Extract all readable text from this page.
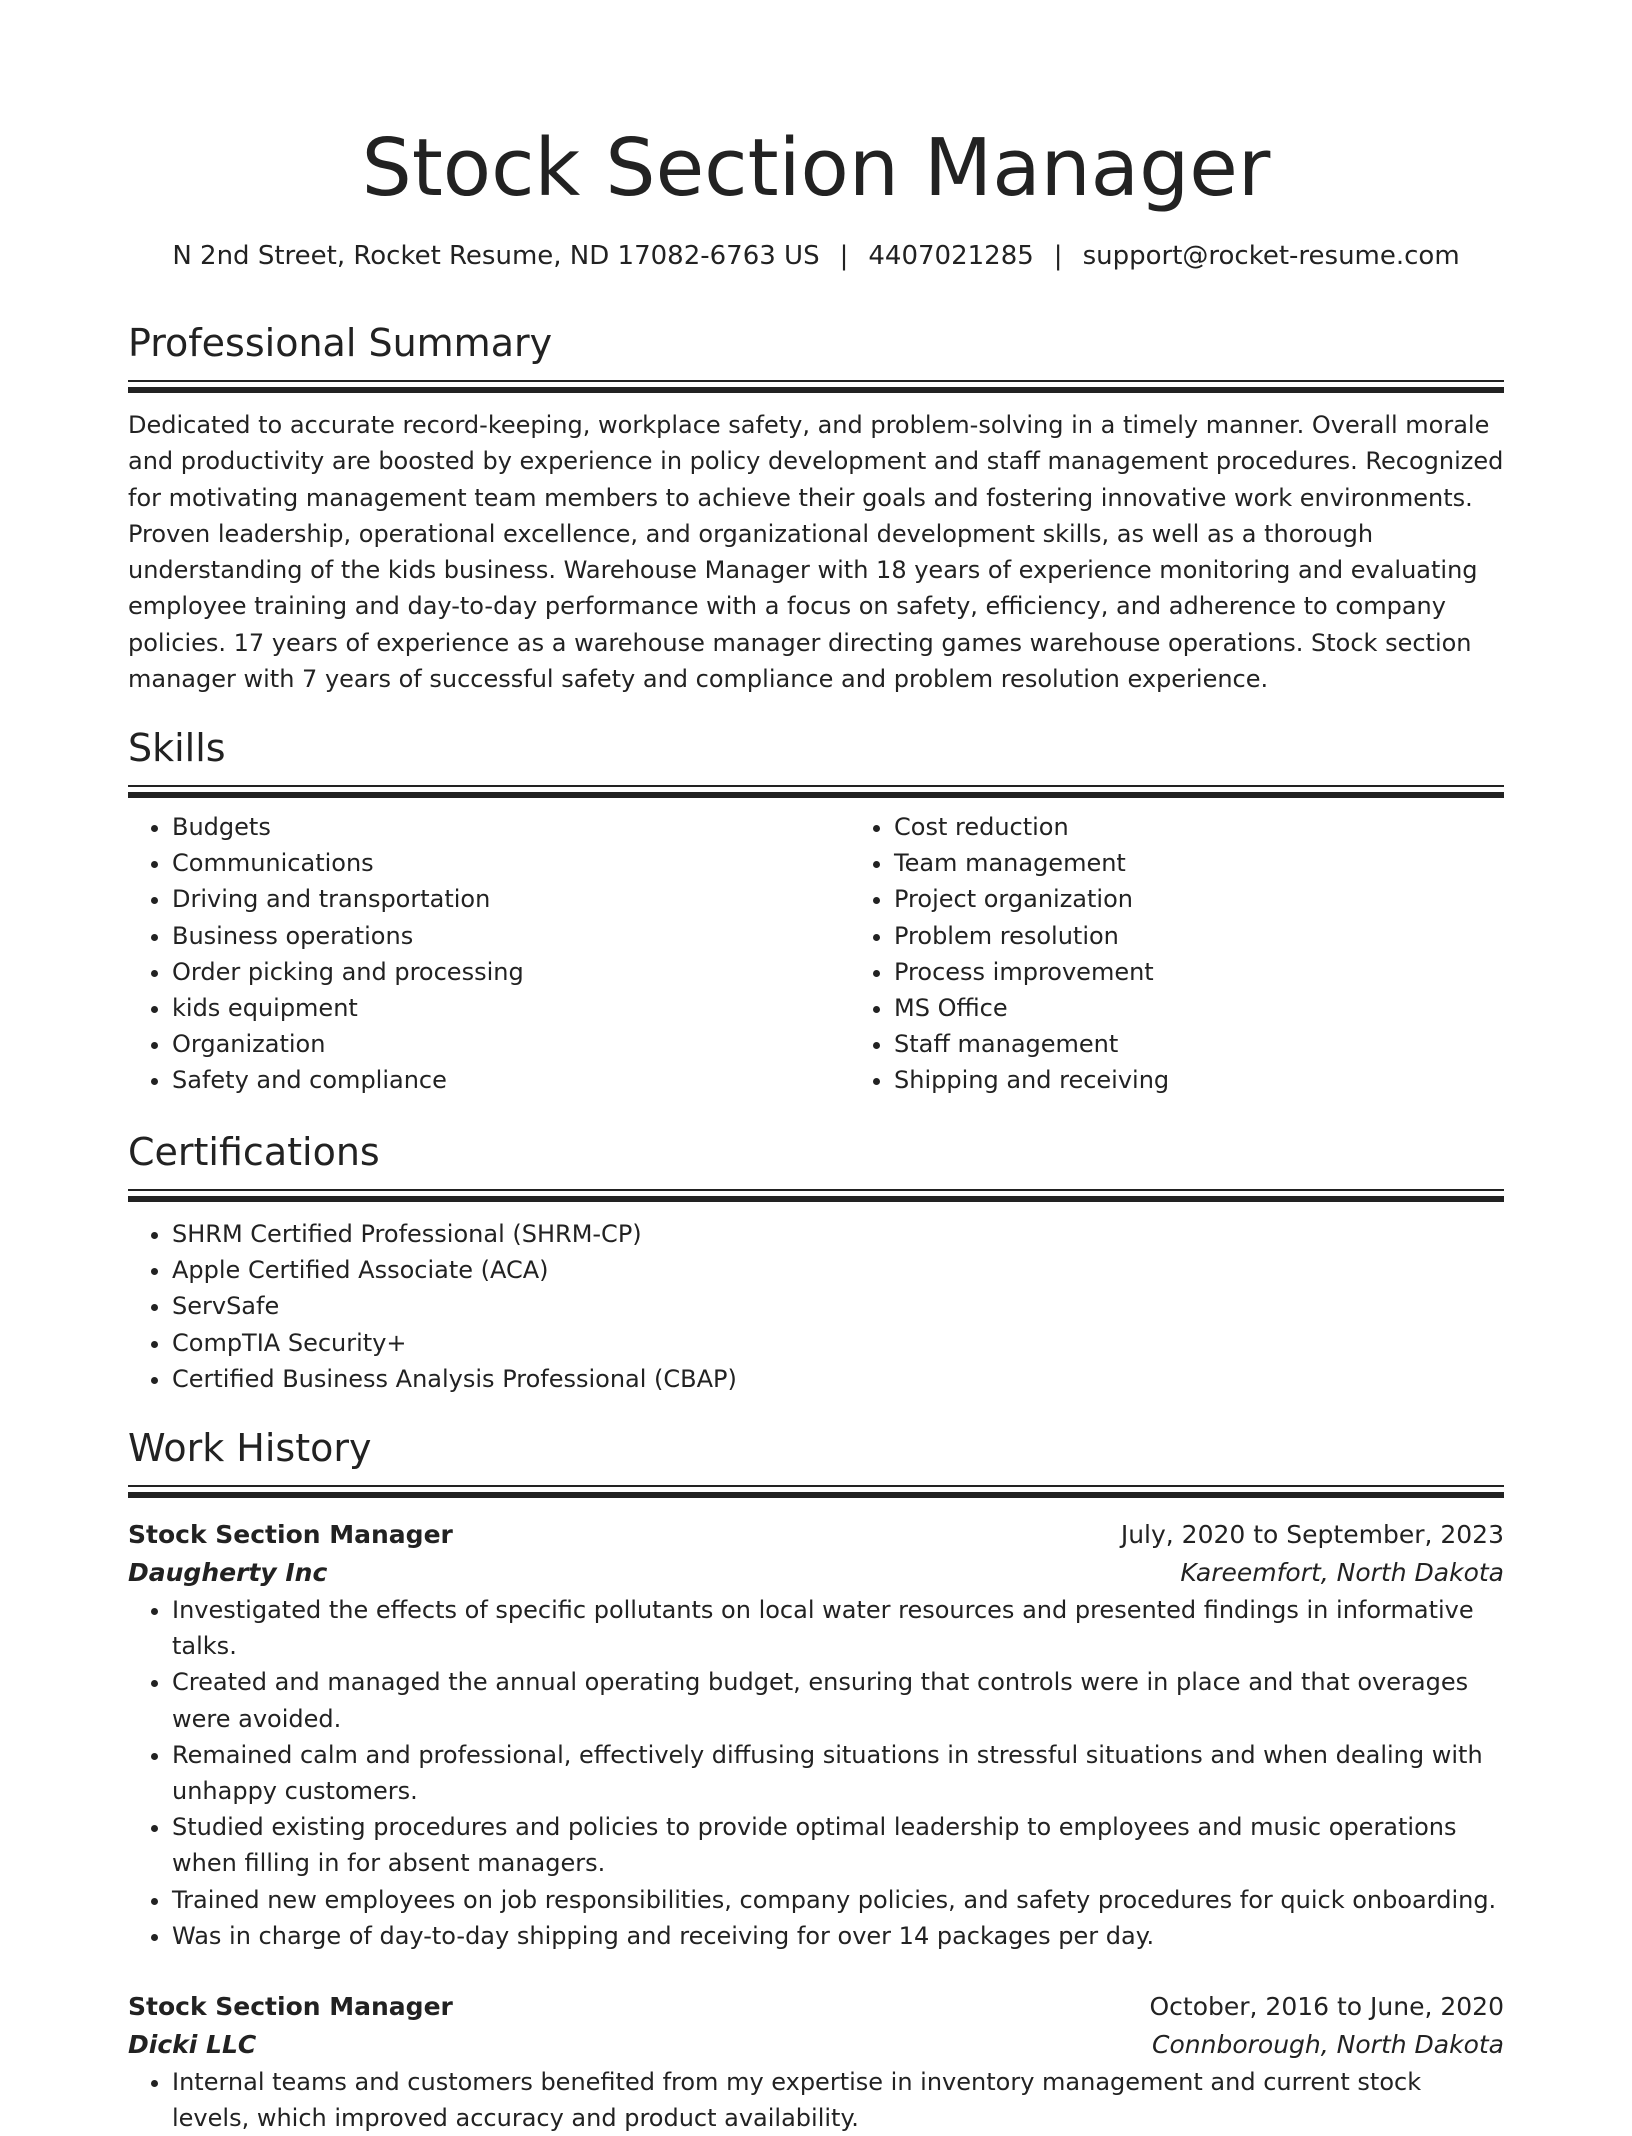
Stock Section Manager
N 2nd Street, Rocket Resume, ND 17082-6763 US | 4407021285 | support@rocket-resume.com
Professional Summary

Dedicated to accurate record-keeping, workplace safety, and problem-solving in a timely manner. Overall morale and productivity are boosted by experience in policy development and staff management procedures. Recognized for motivating management team members to achieve their goals and fostering innovative work environments. Proven leadership, operational excellence, and organizational development skills, as well as a thorough understanding of the kids business. Warehouse Manager with 18 years of experience monitoring and evaluating employee training and day-to-day performance with a focus on safety, efficiency, and adherence to company policies. 17 years of experience as a warehouse manager directing games warehouse operations. Stock section manager with 7 years of successful safety and compliance and problem resolution experience.

Skills
• Budgets
• Communications
• Driving and transportation
• Business operations
• Order picking and processing
• kids equipment
• Organization
• Safety and compliance
• Cost reduction
• Team management
• Project organization
• Problem resolution
• Process improvement
• MS Office
• Staff management
• Shipping and receiving
Certifications
• SHRM Certified Professional (SHRM-CP)
• Apple Certified Associate (ACA)
• ServSafe
• CompTIA Security+
• Certified Business Analysis Professional (CBAP)
Work History
Stock Section Manager	July, 2020 to September, 2023
Daugherty Inc	Kareemfort, North Dakota
• Investigated the effects of specific pollutants on local water resources and presented findings in informative talks.
• Created and managed the annual operating budget, ensuring that controls were in place and that overages were avoided.
• Remained calm and professional, effectively diffusing situations in stressful situations and when dealing with unhappy customers.
• Studied existing procedures and policies to provide optimal leadership to employees and music operations when filling in for absent managers.
• Trained new employees on job responsibilities, company policies, and safety procedures for quick onboarding.
• Was in charge of day-to-day shipping and receiving for over 14 packages per day.
Stock Section Manager	October, 2016 to June, 2020
Dicki LLC	Connborough, North Dakota
• Internal teams and customers benefited from my expertise in inventory management and current stock levels, which improved accuracy and product availability.
